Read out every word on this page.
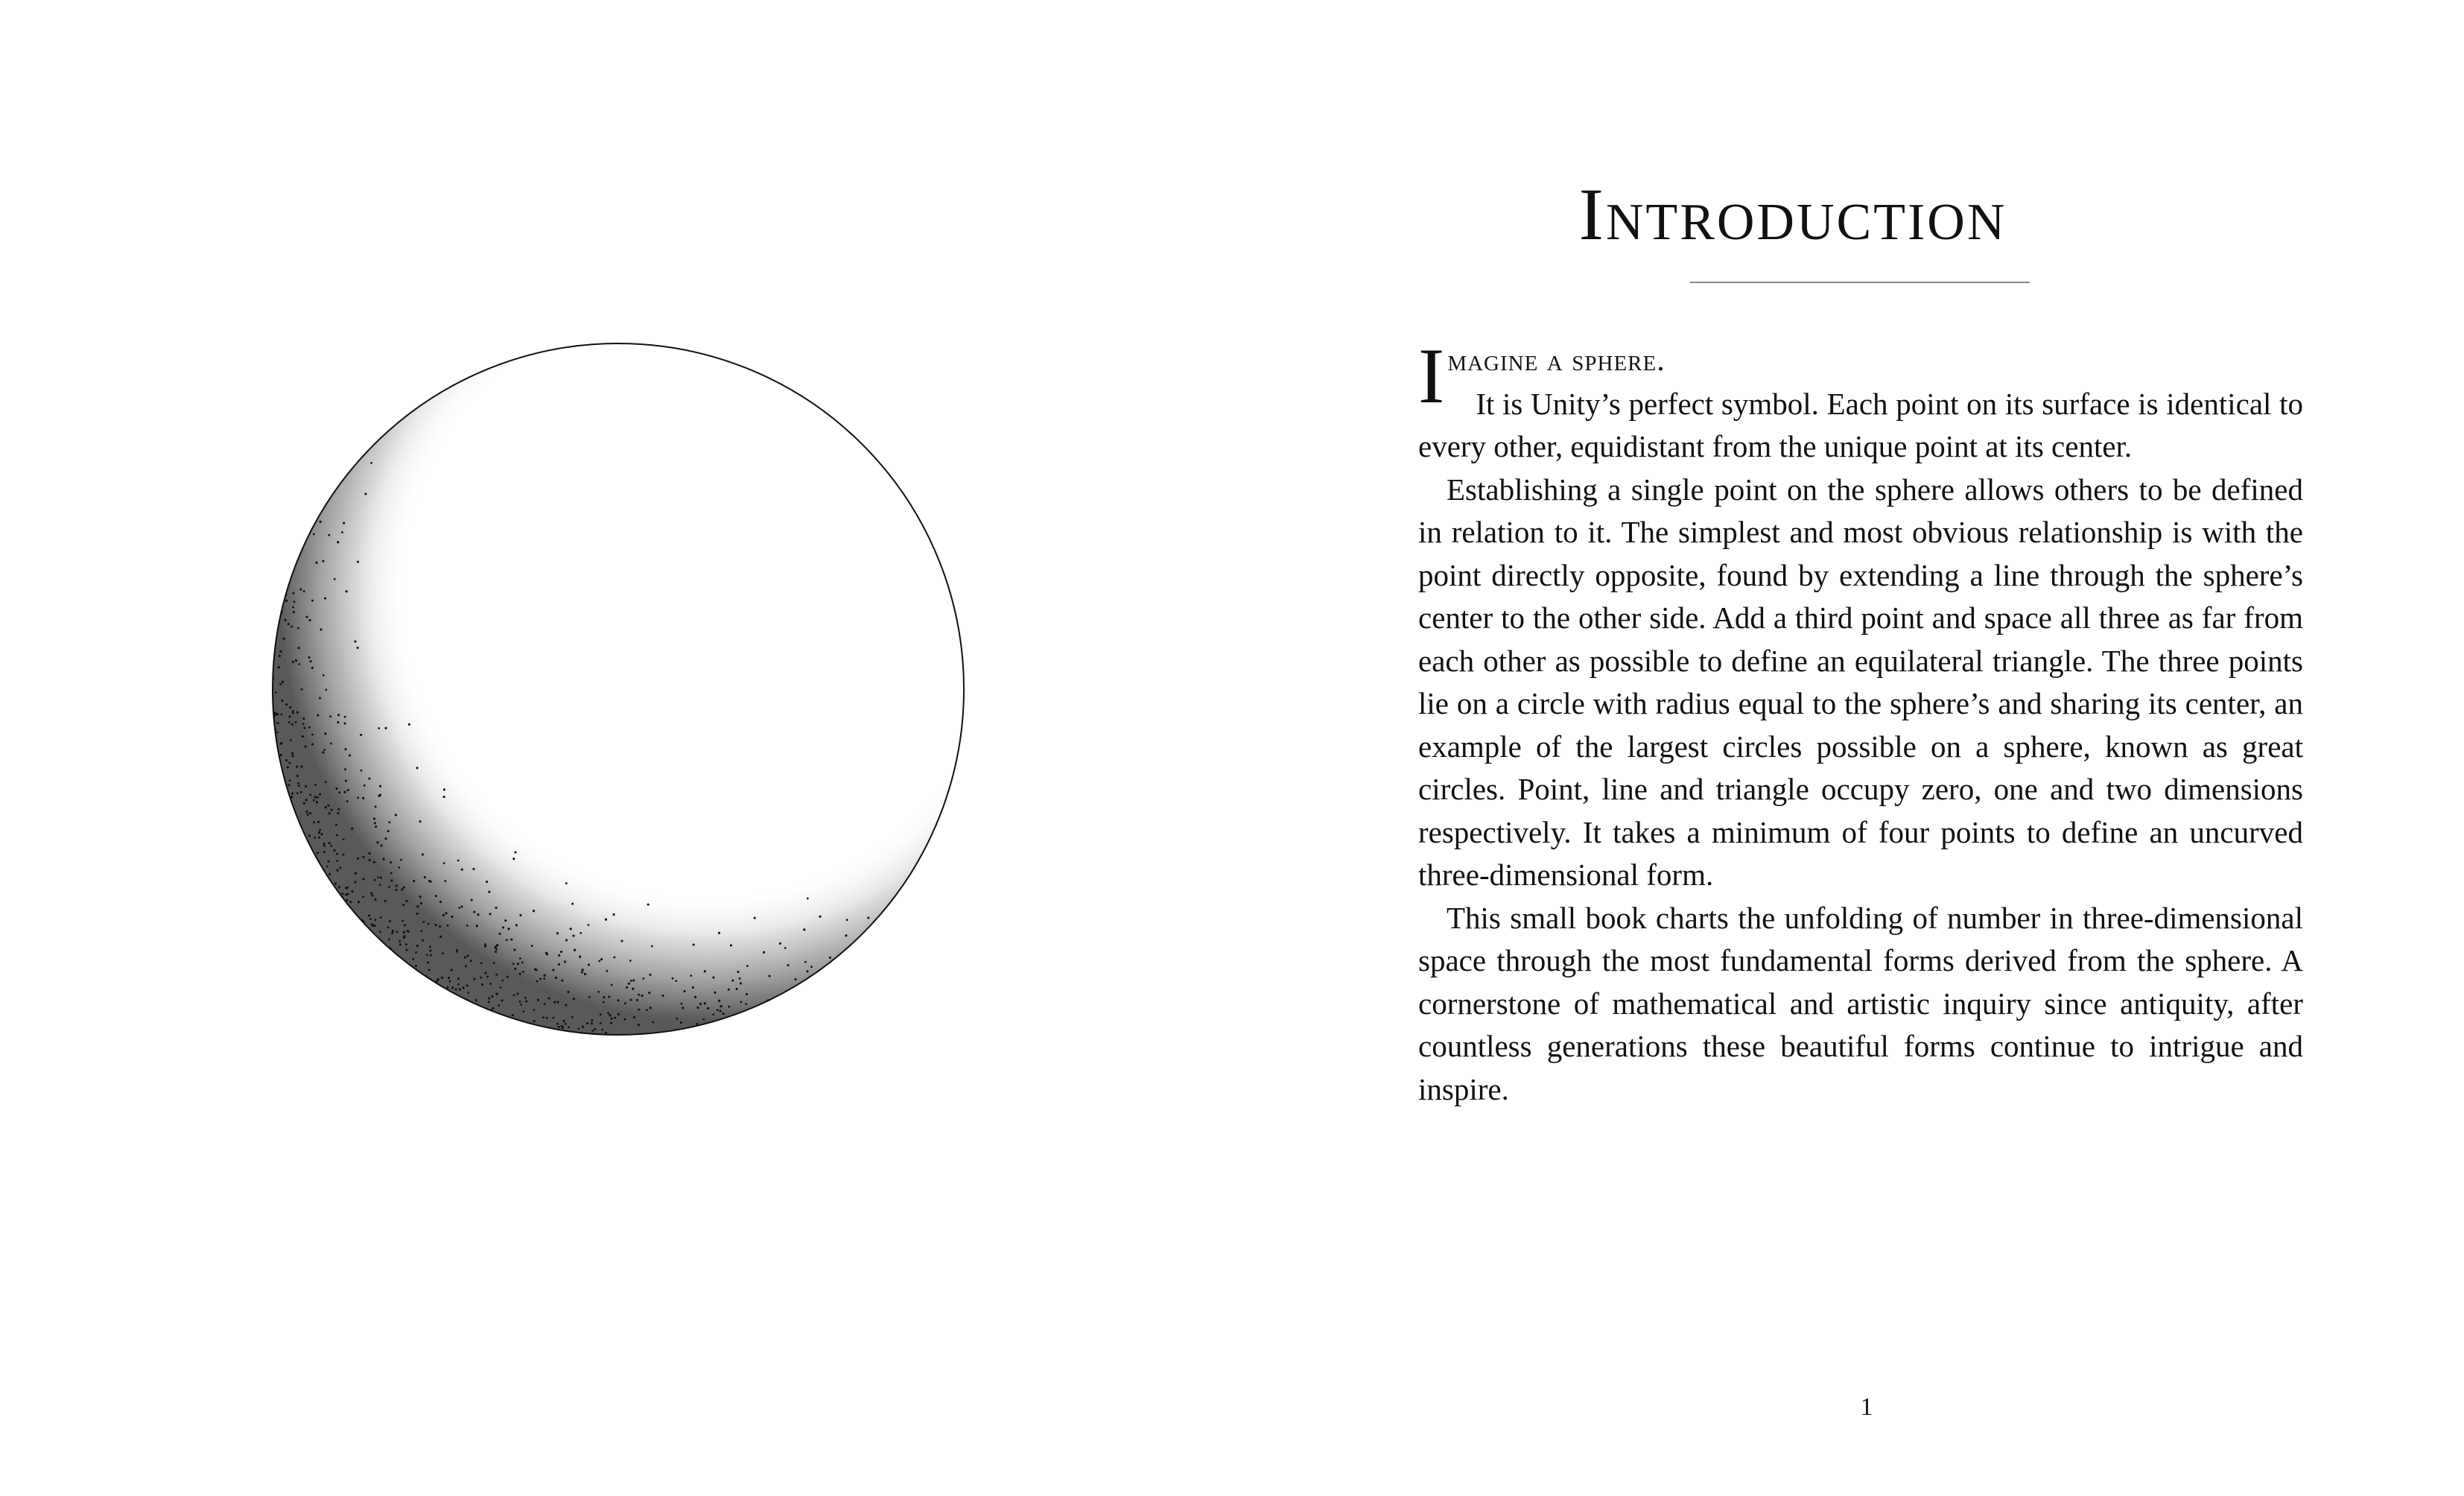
Introduction

Imagine a sphere.

It is Unity’s perfect symbol. Each point on its surface is identical to every other, equidistant from the unique point at its center.

Establishing a single point on the sphere allows others to be defined in relation to it. The simplest and most obvious relationship is with the point directly opposite, found by extending a line through the sphere’s center to the other side. Add a third point and space all three as far from each other as possible to define an equilateral triangle. The three points lie on a circle with radius equal to the sphere’s and sharing its center, an example of the largest circles possible on a sphere, known as great circles. Point, line and triangle occupy zero, one and two dimensions respectively. It takes a minimum of four points to define an uncurved three-dimensional form.

This small book charts the unfolding of number in three-dimensional space through the most fundamental forms derived from the sphere. A cornerstone of mathematical and artistic inquiry since antiquity, after countless generations these beautiful forms continue to intrigue and inspire.

1
